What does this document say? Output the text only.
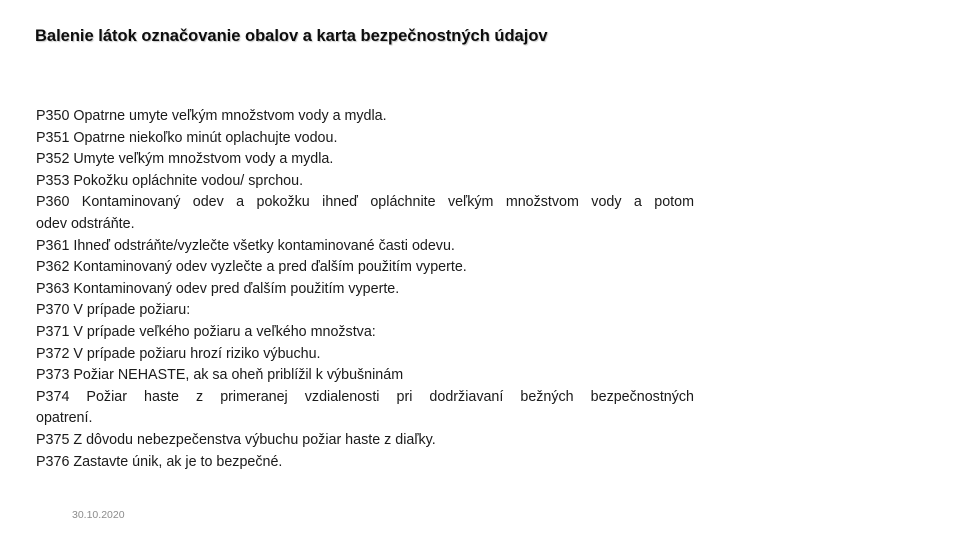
Balenie látok označovanie obalov a karta bezpečnostných údajov
P350 Opatrne umyte veľkým množstvom vody a mydla.
P351 Opatrne niekoľko minút oplachujte vodou.
P352 Umyte veľkým množstvom vody a mydla.
P353 Pokožku opláchnite vodou/ sprchou.
P360 Kontaminovaný odev a pokožku ihneď opláchnite veľkým množstvom vody a potom
odev odstráňte.
P361 Ihneď odstráňte/vyzlečte všetky kontaminované časti odevu.
P362 Kontaminovaný odev vyzlečte a pred ďalším použitím vyperte.
P363 Kontaminovaný odev pred ďalším použitím vyperte.
P370 V prípade požiaru:
P371 V prípade veľkého požiaru a veľkého množstva:
P372 V prípade požiaru hrozí riziko výbuchu.
P373 Požiar NEHASTE, ak sa oheň priblížil k výbušninám
P374 Požiar haste z primeranej vzdialenosti pri dodržiavaní bežných bezpečnostných
opatrení.
P375 Z dôvodu nebezpečenstva výbuchu požiar haste z diaľky.
P376 Zastavte únik, ak je to bezpečné.
30.10.2020
